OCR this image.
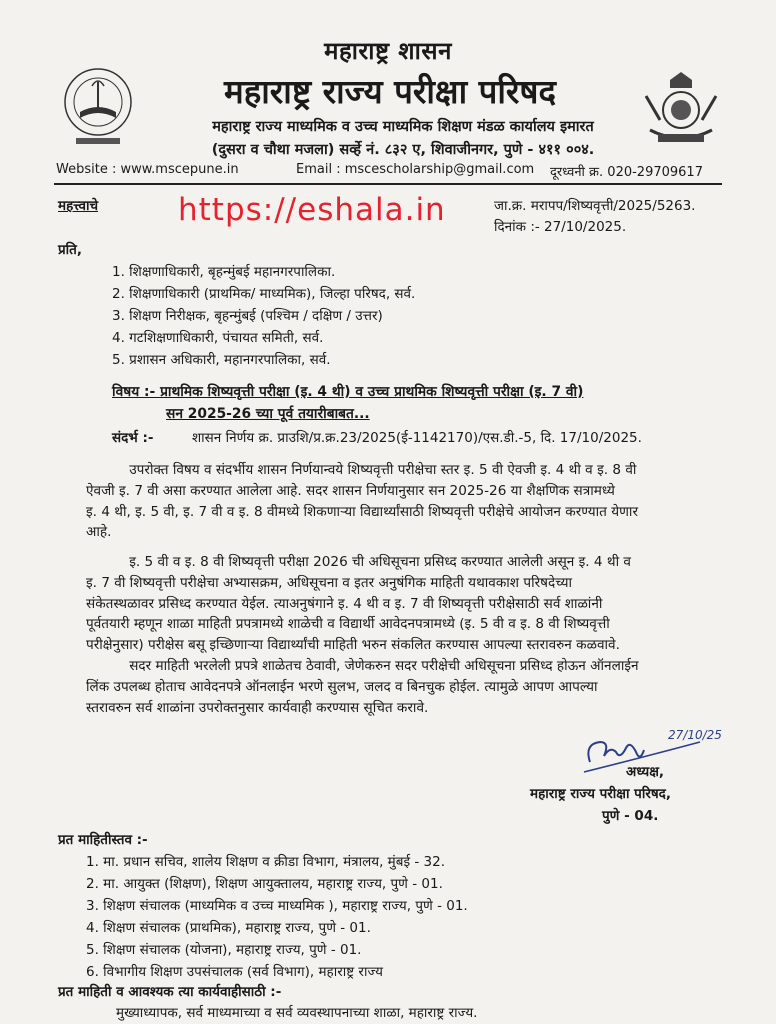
महाराष्ट्र शासन
महाराष्ट्र राज्य परीक्षा परिषद
महाराष्ट्र राज्य माध्यमिक व उच्च माध्यमिक शिक्षण मंडळ कार्यालय इमारत
(दुसरा व चौथा मजला) सर्व्हे नं. ८३२ ए, शिवाजीनगर, पुणे - ४११ ००४.
Website : www.mscepune.in	Email : mscescholarship@gmail.com दूरध्वनी क्र. 020-29709617
https://eshala.in
महत्त्वाचे	जा.क्र. मरापप/शिष्यवृत्ती/2025/5263.
दिनांक :- 27/10/2025.
प्रति,
1. शिक्षणाधिकारी, बृहन्मुंबई महानगरपालिका.
2. शिक्षणाधिकारी (प्राथमिक/ माध्यमिक), जिल्हा परिषद, सर्व.
3. शिक्षण निरीक्षक, बृहन्मुंबई (पश्चिम / दक्षिण / उत्तर)
4. गटशिक्षणाधिकारी, पंचायत समिती, सर्व.
5. प्रशासन अधिकारी, महानगरपालिका, सर्व.
विषय :- प्राथमिक शिष्यवृत्ती परीक्षा (इ. 4 थी) व उच्च प्राथमिक शिष्यवृत्ती परीक्षा (इ. 7 वी)
सन 2025-26 च्या पूर्व तयारीबाबत...
संदर्भ :-	शासन निर्णय क्र. प्राउशि/प्र.क्र.23/2025(ई-1142170)/एस.डी.-5, दि. 17/10/2025.
उपरोक्त विषय व संदर्भीय शासन निर्णयान्वये शिष्यवृत्ती परीक्षेचा स्तर इ. 5 वी ऐवजी इ. 4 थी व इ. 8 वी
ऐवजी इ. 7 वी असा करण्यात आलेला आहे. सदर शासन निर्णयानुसार सन 2025-26 या शैक्षणिक सत्रामध्ये
इ. 4 थी, इ. 5 वी, इ. 7 वी व इ. 8 वीमध्ये शिकणाऱ्या विद्यार्थ्यांसाठी शिष्यवृत्ती परीक्षेचे आयोजन करण्यात येणार
आहे.
इ. 5 वी व इ. 8 वी शिष्यवृत्ती परीक्षा 2026 ची अधिसूचना प्रसिध्द करण्यात आलेली असून इ. 4 थी व
इ. 7 वी शिष्यवृत्ती परीक्षेचा अभ्यासक्रम, अधिसूचना व इतर अनुषंगिक माहिती यथावकाश परिषदेच्या
संकेतस्थळावर प्रसिध्द करण्यात येईल. त्याअनुषंगाने इ. 4 थी व इ. 7 वी शिष्यवृत्ती परीक्षेसाठी सर्व शाळांनी
पूर्वतयारी म्हणून शाळा माहिती प्रपत्रामध्ये शाळेची व विद्यार्थी आवेदनपत्रामध्ये (इ. 5 वी व इ. 8 वी शिष्यवृत्ती
परीक्षेनुसार) परीक्षेस बसू इच्छिणाऱ्या विद्यार्थ्यांची माहिती भरुन संकलित करण्यास आपल्या स्तरावरुन कळवावे.
सदर माहिती भरलेली प्रपत्रे शाळेतच ठेवावी, जेणेकरुन सदर परीक्षेची अधिसूचना प्रसिध्द होऊन ऑनलाईन
लिंक उपलब्ध होताच आवेदनपत्रे ऑनलाईन भरणे सुलभ, जलद व बिनचुक होईल. त्यामुळे आपण आपल्या
स्तरावरुन सर्व शाळांना उपरोक्तनुसार कार्यवाही करण्यास सूचित करावे.
27/10/25
अध्यक्ष,
महाराष्ट्र राज्य परीक्षा परिषद,
पुणे - 04.
प्रत माहितीस्तव :-
1. मा. प्रधान सचिव, शालेय शिक्षण व क्रीडा विभाग, मंत्रालय, मुंबई - 32.
2. मा. आयुक्त (शिक्षण), शिक्षण आयुक्तालय, महाराष्ट्र राज्य, पुणे - 01.
3. शिक्षण संचालक (माध्यमिक व उच्च माध्यमिक ), महाराष्ट्र राज्य, पुणे - 01.
4. शिक्षण संचालक (प्राथमिक), महाराष्ट्र राज्य, पुणे - 01.
5. शिक्षण संचालक (योजना), महाराष्ट्र राज्य, पुणे - 01.
6. विभागीय शिक्षण उपसंचालक (सर्व विभाग), महाराष्ट्र राज्य
प्रत माहिती व आवश्यक त्या कार्यवाहीसाठी :-
मुख्याध्यापक, सर्व माध्यमाच्या व सर्व व्यवस्थापनाच्या शाळा, महाराष्ट्र राज्य.
